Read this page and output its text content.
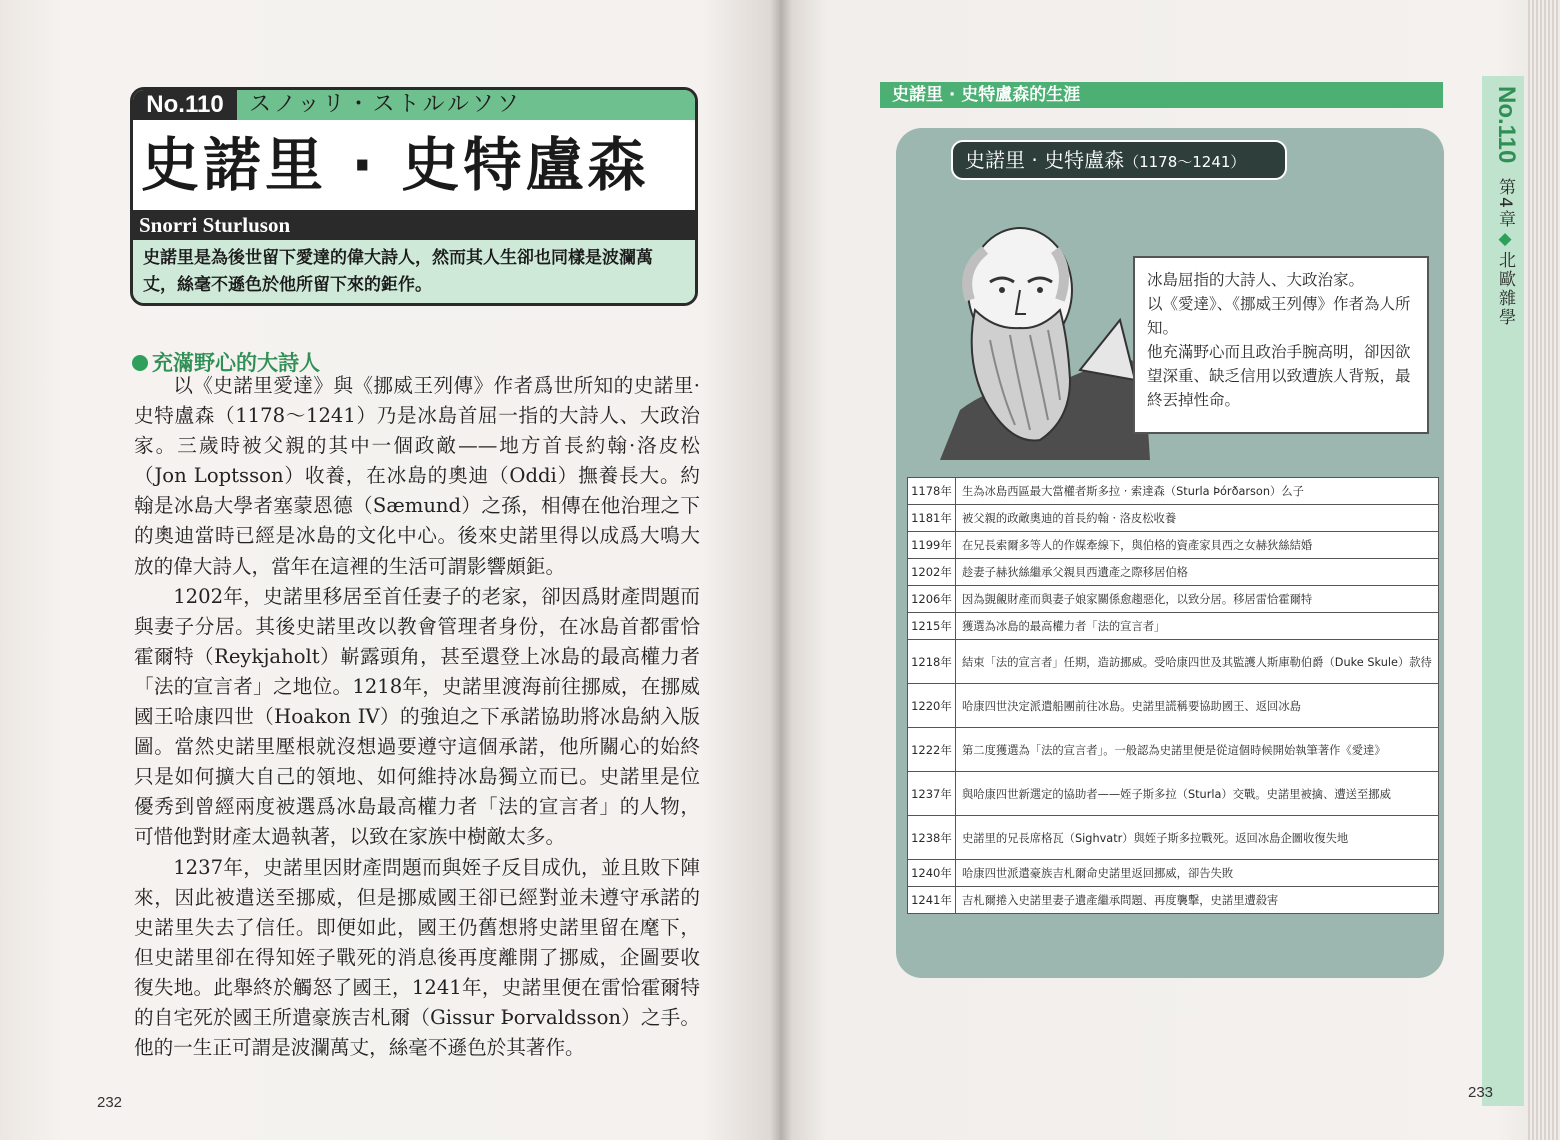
No.110	スノッリ・ストルルソソ
史諾里 · 史特盧森
Snorri Sturluson
史諾里是為後世留下愛達的偉大詩人，然而其人生卻也同樣是波瀾萬丈，絲毫不遜色於他所留下來的鉅作。
充滿野心的大詩人

以《史諾里愛達》與《挪威王列傳》作者爲世所知的史諾里·史特盧森（1178～1241）乃是冰島首屈一指的大詩人、大政治家。三歲時被父親的其中一個政敵——地方首長約翰·洛皮松（Jon Loptsson）收養，在冰島的奧迪（Oddi）撫養長大。約翰是冰島大學者塞蒙恩德（Sæmund）之孫，相傳在他治理之下的奧迪當時已經是冰島的文化中心。後來史諾里得以成爲大鳴大放的偉大詩人，當年在這裡的生活可謂影響頗鉅。

1202年，史諾里移居至首任妻子的老家，卻因爲財產問題而與妻子分居。其後史諾里改以教會管理者身份，在冰島首都雷恰霍爾特（Reykjaholt）嶄露頭角，甚至還登上冰島的最高權力者「法的宣言者」之地位。1218年，史諾里渡海前往挪威，在挪威國王哈康四世（Hoakon IV）的強迫之下承諾協助將冰島納入版圖。當然史諾里壓根就沒想過要遵守這個承諾，他所關心的始終只是如何擴大自己的領地、如何維持冰島獨立而已。史諾里是位優秀到曾經兩度被選爲冰島最高權力者「法的宣言者」的人物，可惜他對財產太過執著，以致在家族中樹敵太多。

1237年，史諾里因財產問題而與姪子反目成仇，並且敗下陣來，因此被遣送至挪威，但是挪威國王卻已經對並未遵守承諾的史諾里失去了信任。即便如此，國王仍舊想將史諾里留在麾下，但史諾里卻在得知姪子戰死的消息後再度離開了挪威，企圖要收復失地。此舉終於觸怒了國王，1241年，史諾里便在雷恰霍爾特的自宅死於國王所遣豪族吉札爾（Gissur Þorvaldsson）之手。他的一生正可謂是波瀾萬丈，絲毫不遜色於其著作。

232
史諾里 · 史特盧森的生涯	No.110
第4章◆北歐雜學
史諾里 · 史特盧森（1178～1241）
冰島屈指的大詩人、大政治家。
以《愛達》、《挪威王列傳》作者為人所知。
他充滿野心而且政治手腕高明，卻因欲望深重、缺乏信用以致遭族人背叛，最終丟掉性命。
1178年	生為冰島西區最大當權者斯多拉 · 索達森（Sturla Þórðarson）么子
1181年	被父親的政敵奧迪的首長約翰 · 洛皮松收養
1199年	在兄長索爾多等人的作媒牽線下，與伯格的資產家貝西之女赫狄絲結婚
1202年	趁妻子赫狄絲繼承父親貝西遺產之際移居伯格
1206年	因為覬覦財產而與妻子娘家關係愈趨惡化，以致分居。移居雷恰霍爾特
1215年	獲選為冰島的最高權力者「法的宣言者」
1218年	結束「法的宣言者」任期，造訪挪威。受哈康四世及其監護人斯庫勒伯爵（Duke Skule）款待
1220年	哈康四世決定派遣船團前往冰島。史諾里謊稱要協助國王、返回冰島
1222年	第二度獲選為「法的宣言者」。一般認為史諾里便是從這個時候開始執筆著作《愛達》
1237年	與哈康四世新選定的協助者——姪子斯多拉（Sturla）交戰。史諾里被擒、遭送至挪威
1238年	史諾里的兄長席格瓦（Sighvatr）與姪子斯多拉戰死。返回冰島企圖收復失地
1240年	哈康四世派遣豪族吉札爾命史諾里返回挪威，卻告失敗
1241年	吉札爾捲入史諾里妻子遺產繼承問題、再度襲擊，史諾里遭殺害
233
